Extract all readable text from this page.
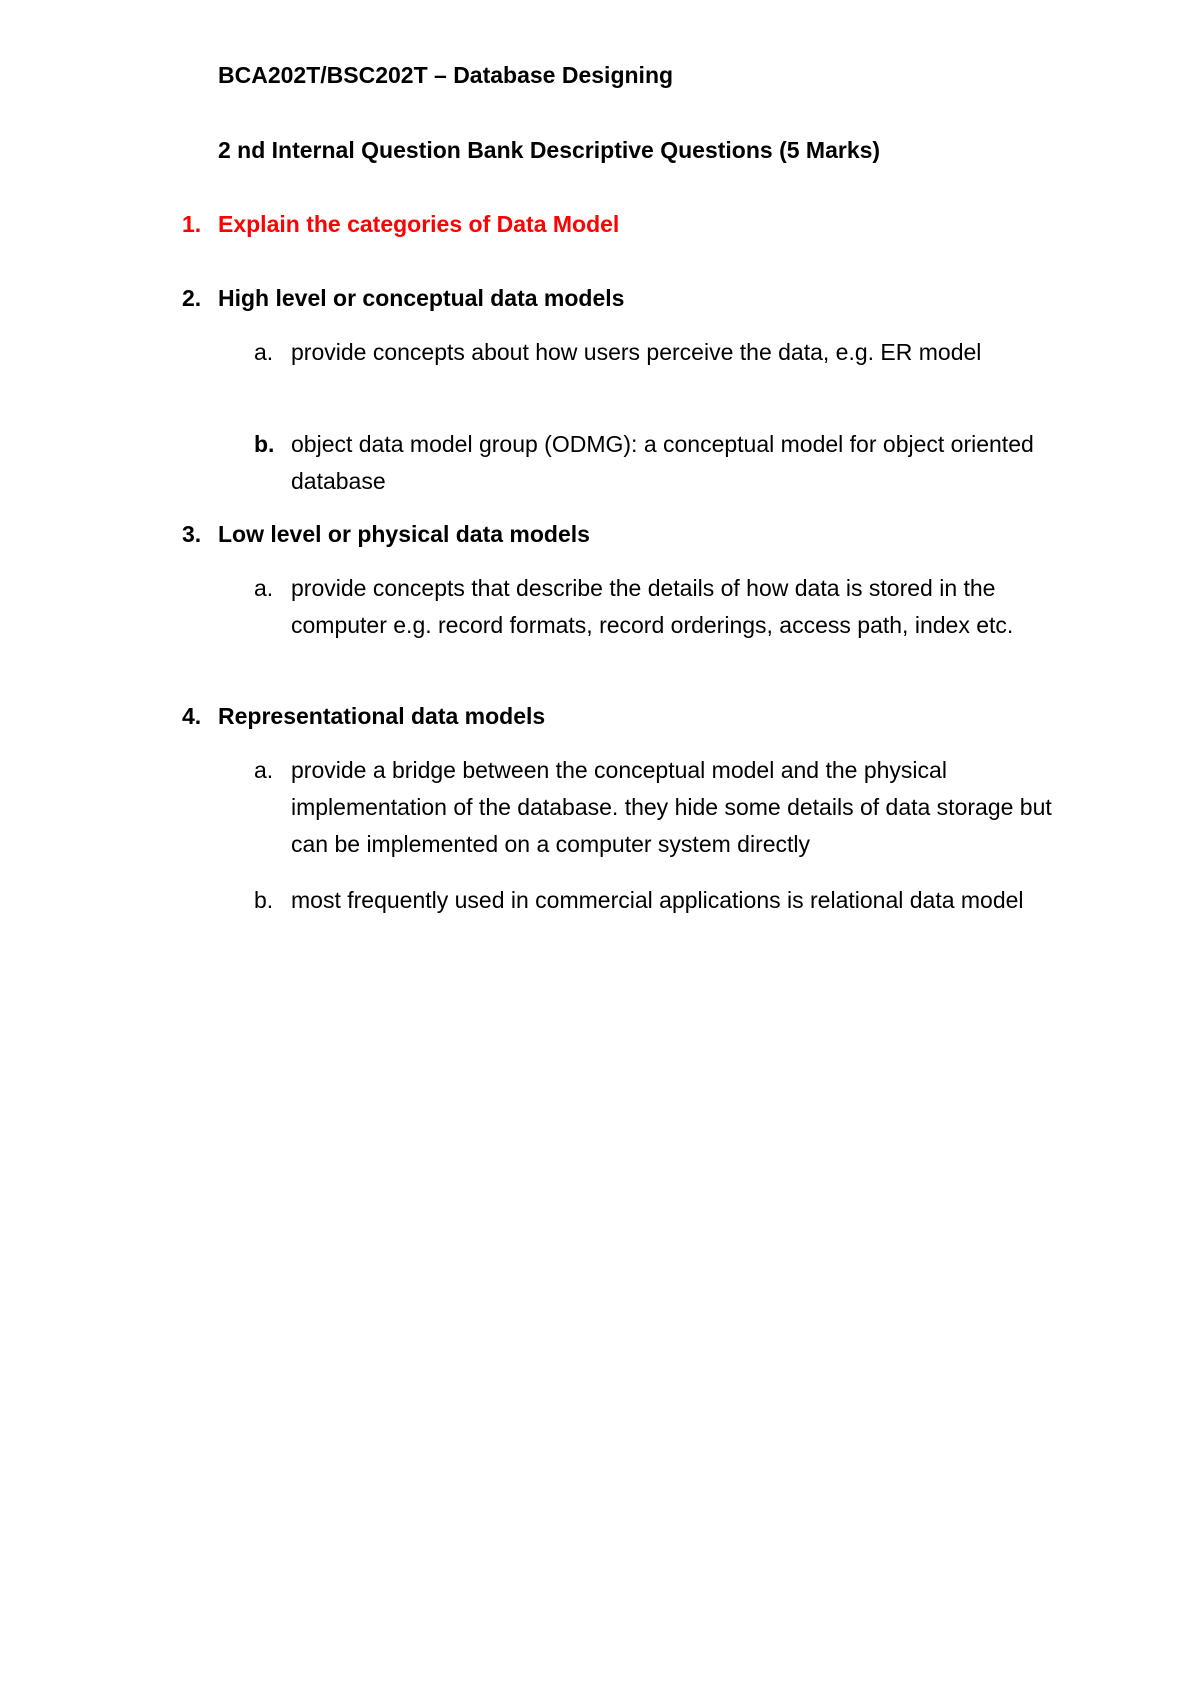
BCA202T/BSC202T – Database Designing

2 nd Internal Question Bank Descriptive Questions (5 Marks)

1. Explain the categories of Data Model

2. High level or conceptual data models

a. provide concepts about how users perceive the data, e.g. ER model

b. object data model group (ODMG): a conceptual model for object oriented database

3. Low level or physical data models

a. provide concepts that describe the details of how data is stored in the computer e.g. record formats, record orderings, access path, index etc.

4. Representational data models

a. provide a bridge between the conceptual model and the physical implementation of the database. they hide some details of data storage but can be implemented on a computer system directly

b. most frequently used in commercial applications is relational data model
